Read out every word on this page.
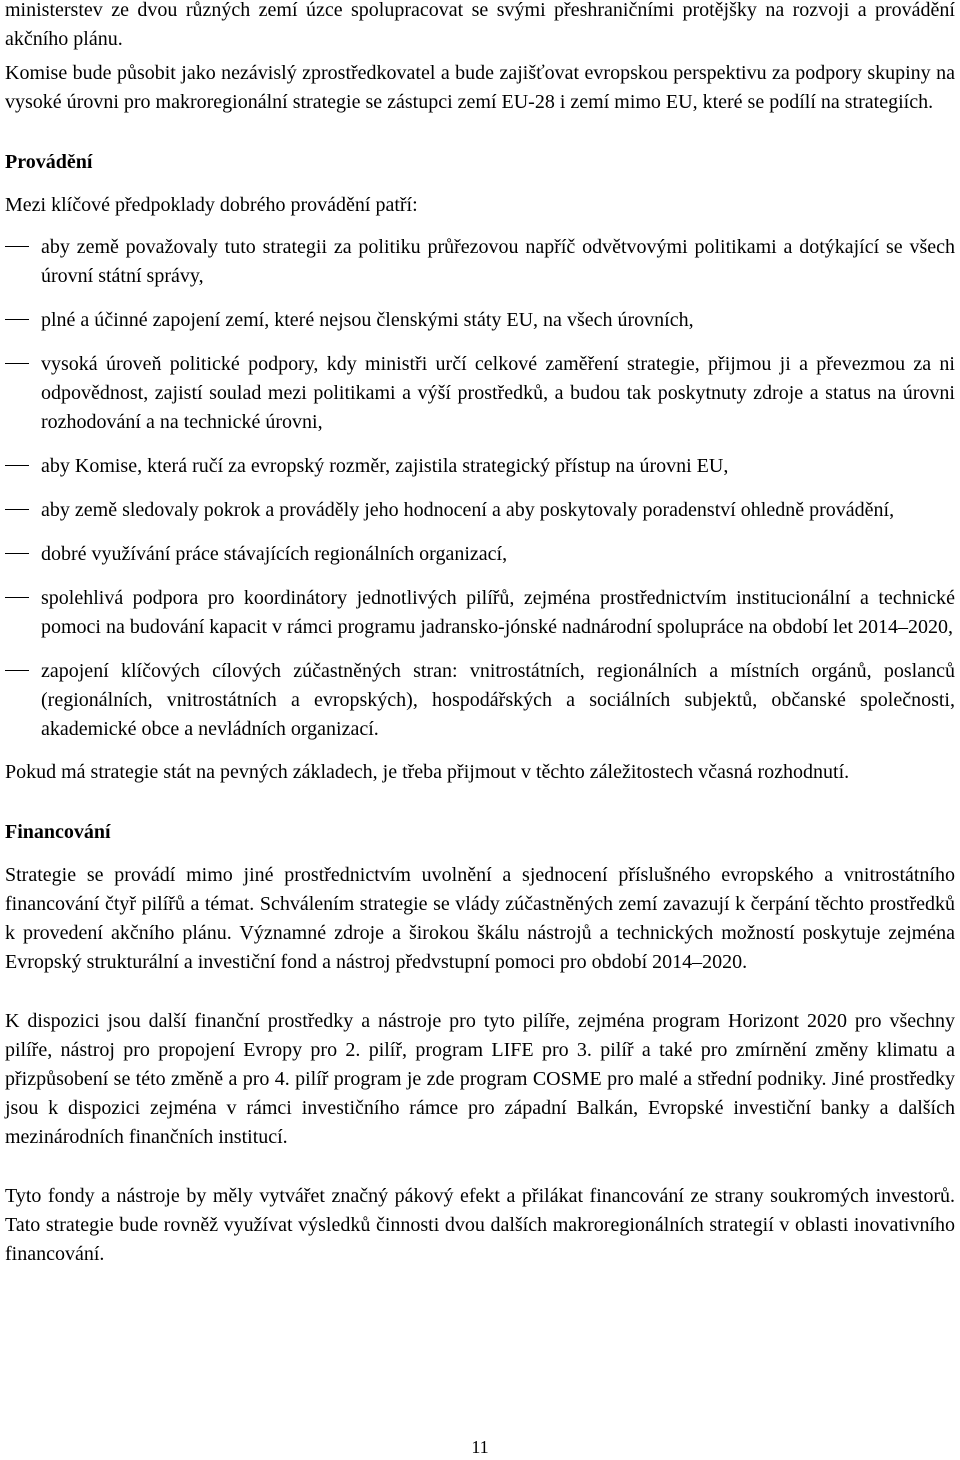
ministerstev ze dvou různých zemí úzce spolupracovat se svými přeshraničními protějšky na rozvoji a provádění akčního plánu.

Komise bude působit jako nezávislý zprostředkovatel a bude zajišťovat evropskou perspektivu za podpory skupiny na vysoké úrovni pro makroregionální strategie se zástupci zemí EU-28 i zemí mimo EU, které se podílí na strategiích.

Provádění

Mezi klíčové předpoklady dobrého provádění patří:

aby země považovaly tuto strategii za politiku průřezovou napříč odvětvovými politikami a dotýkající se všech úrovní státní správy,
plné a účinné zapojení zemí, které nejsou členskými státy EU, na všech úrovních,
vysoká úroveň politické podpory, kdy ministři určí celkové zaměření strategie, přijmou ji a převezmou za ni odpovědnost, zajistí soulad mezi politikami a výší prostředků, a budou tak poskytnuty zdroje a status na úrovni rozhodování a na technické úrovni,
aby Komise, která ručí za evropský rozměr, zajistila strategický přístup na úrovni EU,
aby země sledovaly pokrok a prováděly jeho hodnocení a aby poskytovaly poradenství ohledně provádění,
dobré využívání práce stávajících regionálních organizací,
spolehlivá podpora pro koordinátory jednotlivých pilířů, zejména prostřednictvím institucionální a technické pomoci na budování kapacit v rámci programu jadransko-jónské nadnárodní spolupráce na období let 2014–2020,
zapojení klíčových cílových zúčastněných stran: vnitrostátních, regionálních a místních orgánů, poslanců (regionálních, vnitrostátních a evropských), hospodářských a sociálních subjektů, občanské společnosti, akademické obce a nevládních organizací.

Pokud má strategie stát na pevných základech, je třeba přijmout v těchto záležitostech včasná rozhodnutí.

Financování

Strategie se provádí mimo jiné prostřednictvím uvolnění a sjednocení příslušného evropského a vnitrostátního financování čtyř pilířů a témat. Schválením strategie se vlády zúčastněných zemí zavazují k čerpání těchto prostředků k provedení akčního plánu. Významné zdroje a širokou škálu nástrojů a technických možností poskytuje zejména Evropský strukturální a investiční fond a nástroj předvstupní pomoci pro období 2014–2020.

K dispozici jsou další finanční prostředky a nástroje pro tyto pilíře, zejména program Horizont 2020 pro všechny pilíře, nástroj pro propojení Evropy pro 2. pilíř, program LIFE pro 3. pilíř a také pro zmírnění změny klimatu a přizpůsobení se této změně a pro 4. pilíř program je zde program COSME pro malé a střední podniky. Jiné prostředky jsou k dispozici zejména v rámci investičního rámce pro západní Balkán, Evropské investiční banky a dalších mezinárodních finančních institucí.

Tyto fondy a nástroje by měly vytvářet značný pákový efekt a přilákat financování ze strany soukromých investorů. Tato strategie bude rovněž využívat výsledků činnosti dvou dalších makroregionálních strategií v oblasti inovativního financování.

11
